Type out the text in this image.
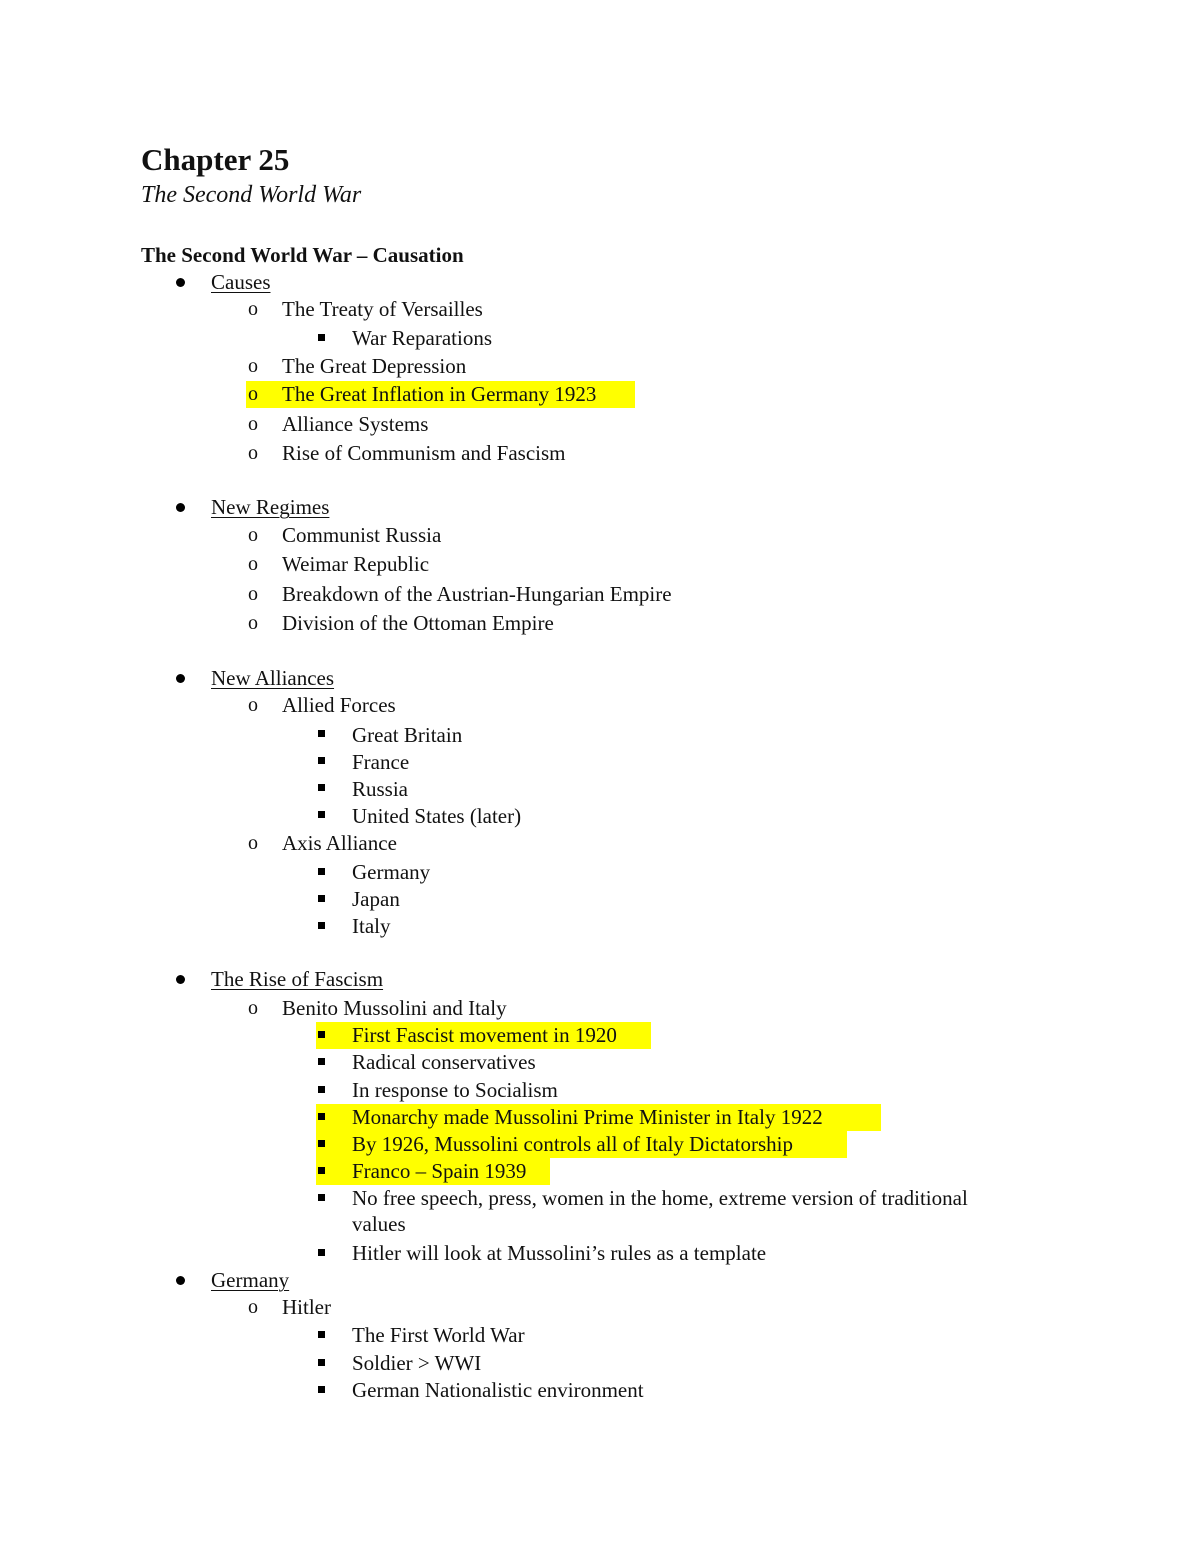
Chapter 25
The Second World War
The Second World War – Causation
Causes
o The Treaty of Versailles
War Reparations
o The Great Depression
o The Great Inflation in Germany 1923
o Alliance Systems
o Rise of Communism and Fascism
New Regimes
o Communist Russia
o Weimar Republic
o Breakdown of the Austrian-Hungarian Empire
o Division of the Ottoman Empire
New Alliances
o Allied Forces
Great Britain
France
Russia
United States (later)
o Axis Alliance
Germany
Japan
Italy
The Rise of Fascism
o Benito Mussolini and Italy
First Fascist movement in 1920
Radical conservatives
In response to Socialism
Monarchy made Mussolini Prime Minister in Italy 1922
By 1926, Mussolini controls all of Italy Dictatorship
Franco – Spain 1939
No free speech, press, women in the home, extreme version of traditional
values
Hitler will look at Mussolini’s rules as a template
Germany
o Hitler
The First World War
Soldier > WWI
German Nationalistic environment
